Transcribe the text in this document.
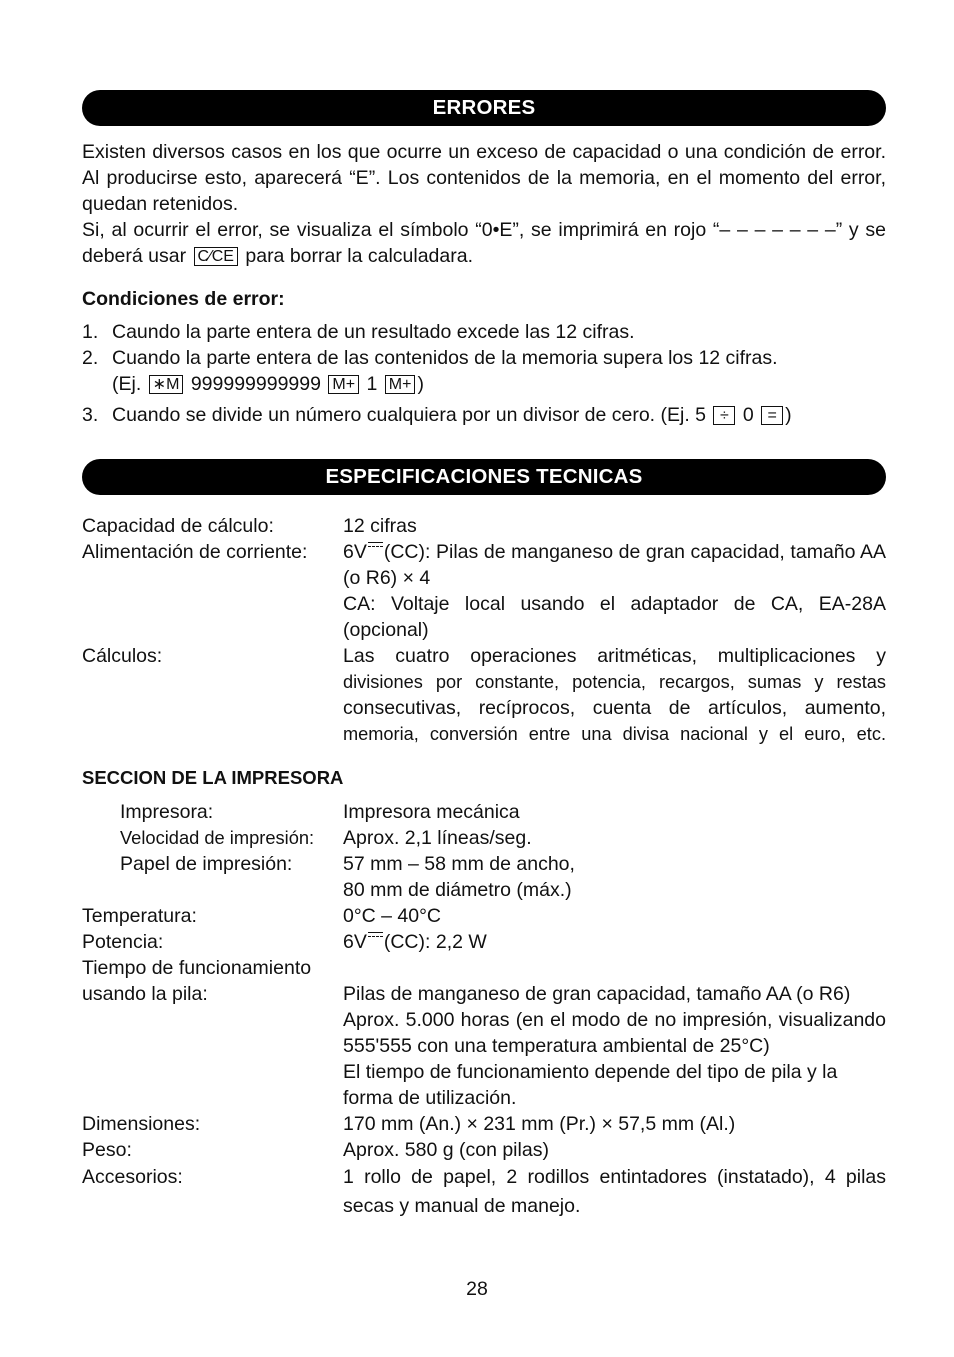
ERRORES
Existen diversos casos en los que ocurre un exceso de capacidad o una condición de error. Al producirse esto, aparecerá “E”. Los contenidos de la memoria, en el momento del error, quedan retenidos.
Si, al ocurrir el error, se visualiza el símbolo “0•E”, se imprimirá en rojo “– – – – – – –” y se deberá usar C⁄CE para borrar la calculadara.
Condiciones de error:
1. Caundo la parte entera de un resultado excede las 12 cifras.
2. Cuando la parte entera de las contenidos de la memoria supera los 12 cifras.
(Ej. ∗M 999999999999 M+ 1 M+ )
3. Cuando se divide un número cualquiera por un divisor de cero. (Ej. 5 ÷ 0 = )
ESPECIFICACIONES TECNICAS
Capacidad de cálculo:	12 cifras
Alimentación de corriente:	6V (CC): Pilas de manganeso de gran capacidad, tamaño AA (o R6) × 4
CA: Voltaje local usando el adaptador de CA, EA-28A (opcional)
Cálculos:	Las cuatro operaciones aritméticas, multiplicaciones y
divisiones por constante, potencia, recargos, sumas y restas
consecutivas, recíprocos, cuenta de artículos, aumento,
memoria, conversión entre una divisa nacional y el euro, etc.
SECCION DE LA IMPRESORA
Impresora:	Impresora mecánica
Velocidad de impresión:	Aprox. 2,1 líneas/seg.
Papel de impresión:	57 mm – 58 mm de ancho,
80 mm de diámetro (máx.)
Temperatura:	0°C – 40°C
Potencia:	6V (CC): 2,2 W
Tiempo de funcionamiento
usando la pila:	Pilas de manganeso de gran capacidad, tamaño AA (o R6)
Aprox. 5.000 horas (en el modo de no impresión, visualizando 555'555 con una temperatura ambiental de 25°C)
El tiempo de funcionamiento depende del tipo de pila y la forma de utilización.
Dimensiones:	170 mm (An.) × 231 mm (Pr.) × 57,5 mm (Al.)
Peso:	Aprox. 580 g (con pilas)
Accesorios:	1 rollo de papel, 2 rodillos entintadores (instatado), 4 pilas secas y manual de manejo.
28
